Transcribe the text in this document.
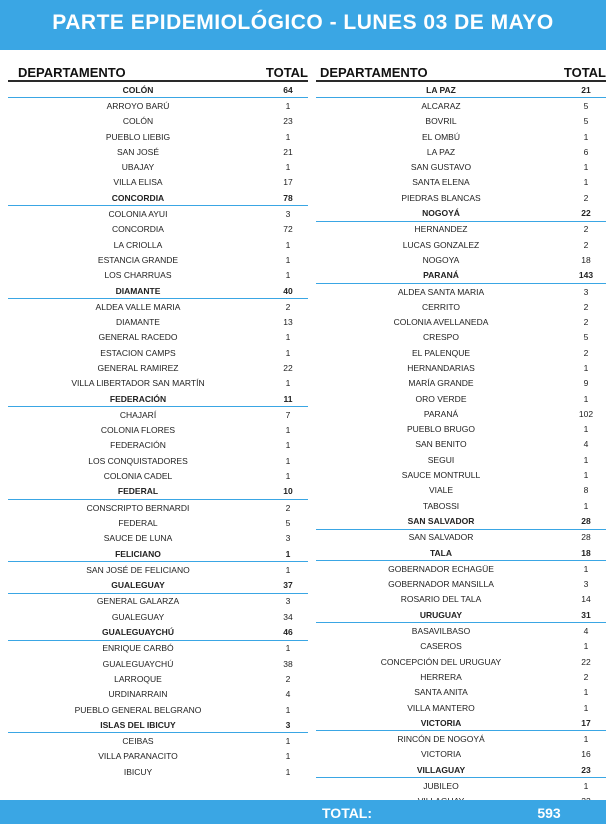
PARTE EPIDEMIOLÓGICO - LUNES 03 DE MAYO
DEPARTAMENTO	TOTAL
COLÓN	64
ARROYO BARÚ	1
COLÓN	23
PUEBLO LIEBIG	1
SAN JOSÉ	21
UBAJAY	1
VILLA ELISA	17
CONCORDIA	78
COLONIA AYUI	3
CONCORDIA	72
LA CRIOLLA	1
ESTANCIA GRANDE	1
LOS CHARRUAS	1
DIAMANTE	40
ALDEA VALLE MARIA	2
DIAMANTE	13
GENERAL RACEDO	1
ESTACION CAMPS	1
GENERAL RAMIREZ	22
VILLA LIBERTADOR SAN MARTÍN	1
FEDERACIÓN	11
CHAJARÍ	7
COLONIA FLORES	1
FEDERACIÓN	1
LOS CONQUISTADORES	1
COLONIA CADEL	1
FEDERAL	10
CONSCRIPTO BERNARDI	2
FEDERAL	5
SAUCE DE LUNA	3
FELICIANO	1
SAN JOSÉ DE FELICIANO	1
GUALEGUAY	37
GENERAL GALARZA	3
GUALEGUAY	34
GUALEGUAYCHÚ	46
ENRIQUE CARBÓ	1
GUALEGUAYCHÚ	38
LARROQUE	2
URDINARRAIN	4
PUEBLO GENERAL BELGRANO	1
ISLAS DEL IBICUY	3
CEIBAS	1
VILLA PARANACITO	1
IBICUY	1
DEPARTAMENTO	TOTAL
LA PAZ	21
ALCARAZ	5
BOVRIL	5
EL OMBÚ	1
LA PAZ	6
SAN GUSTAVO	1
SANTA ELENA	1
PIEDRAS BLANCAS	2
NOGOYÁ	22
HERNANDEZ	2
LUCAS GONZALEZ	2
NOGOYA	18
PARANÁ	143
ALDEA SANTA MARIA	3
CERRITO	2
COLONIA AVELLANEDA	2
CRESPO	5
EL PALENQUE	2
HERNANDARIAS	1
MARÍA GRANDE	9
ORO VERDE	1
PARANÁ	102
PUEBLO BRUGO	1
SAN BENITO	4
SEGUI	1
SAUCE MONTRULL	1
VIALE	8
TABOSSI	1
SAN SALVADOR	28
SAN SALVADOR	28
TALA	18
GOBERNADOR ECHAGÜE	1
GOBERNADOR MANSILLA	3
ROSARIO DEL TALA	14
URUGUAY	31
BASAVILBASO	4
CASEROS	1
CONCEPCIÓN DEL URUGUAY	22
HERRERA	2
SANTA ANITA	1
VILLA MANTERO	1
VICTORIA	17
RINCÓN DE NOGOYÁ	1
VICTORIA	16
VILLAGUAY	23
JUBILEO	1
TOTAL:	593
